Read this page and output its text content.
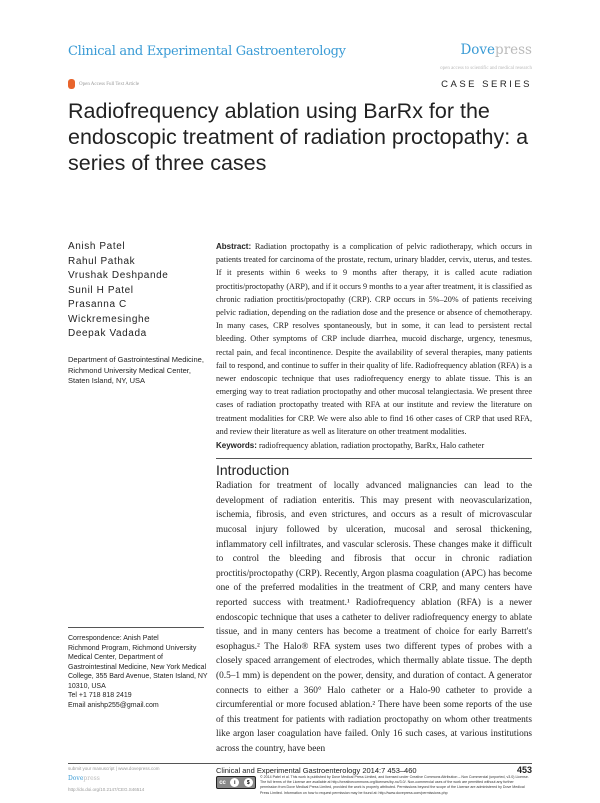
Clinical and Experimental Gastroenterology	Dovepress
open access to scientific and medical research
Open Access Full Text Article	CASE SERIES
Radiofrequency ablation using BarRx for the endoscopic treatment of radiation proctopathy: a series of three cases
Anish Patel
Rahul Pathak
Vrushak Deshpande
Sunil H Patel
Prasanna C
Wickremesinghe
Deepak Vadada
Department of Gastrointestinal Medicine, Richmond University Medical Center, Staten Island, NY, USA

Abstract: Radiation proctopathy is a complication of pelvic radiotherapy, which occurs in patients treated for carcinoma of the prostate, rectum, urinary bladder, cervix, uterus, and testes. If it presents within 6 weeks to 9 months after therapy, it is called acute radiation proctitis/proctopathy (ARP), and if it occurs 9 months to a year after treatment, it is classified as chronic radiation proctitis/proctopathy (CRP). CRP occurs in 5%–20% of patients receiving pelvic radiation, depending on the radiation dose and the presence or absence of chemotherapy. In many cases, CRP resolves spontaneously, but in some, it can lead to persistent rectal bleeding. Other symptoms of CRP include diarrhea, mucoid discharge, urgency, tenesmus, rectal pain, and fecal incontinence. Despite the availability of several therapies, many patients fail to respond, and continue to suffer in their quality of life. Radiofrequency ablation (RFA) is a newer endoscopic technique that uses radiofrequency energy to ablate tissue. This is an emerging way to treat radiation proctopathy and other mucosal telangiectasia. We present three cases of radiation proctopathy treated with RFA at our institute and review the literature on treatment modalities for CRP. We were also able to find 16 other cases of CRP that used RFA, and review their literature as well as literature on other treatment modalities.

Keywords: radiofrequency ablation, radiation proctopathy, BarRx, Halo catheter

Introduction

Radiation for treatment of locally advanced malignancies can lead to the development of radiation enteritis. This may present with neovascularization, ischemia, fibrosis, and even strictures, and occurs as a result of microvascular mucosal injury followed by ulceration, mucosal and serosal thickening, inflammatory cell infiltrates, and vascular sclerosis. These changes make it difficult to control the bleeding and fibrosis that occur in chronic radiation proctitis/proctopathy (CRP). Recently, Argon plasma coagulation (APC) has become one of the preferred modalities in the treatment of CRP, and many centers have reported success with treatment.¹ Radiofrequency ablation (RFA) is a newer endoscopic technique that uses a catheter to deliver radiofrequency energy to ablate tissue, and in many centers has become a treatment of choice for early Barrett's esophagus.² The Halo® RFA system uses two different types of probes with a closely spaced arrangement of electrodes, which thermally ablate tissue. The depth (0.5–1 mm) is dependent on the power, density, and duration of contact. A generator connects to either a 360° Halo catheter or a Halo-90 catheter to provide a circumferential or more focused ablation.² There have been some reports of the use of this treatment for patients with radiation proctopathy on whom other treatments like argon laser coagulation have failed. Only 16 such cases, at various institutions across the country, have been

Correspondence: Anish Patel
Richmond Program, Richmond University Medical Center, Department of Gastrointestinal Medicine, New York Medical College, 355 Bard Avenue, Staten Island, NY 10310, USA
Tel +1 718 818 2419
Email anishp255@gmail.com
submit your manuscript | www.dovepress.com
Dovepress
http://dx.doi.org/10.2147/CEG.S46514
Clinical and Experimental Gastroenterology 2014:7 453–460	453
cc	i	$
© 2014 Patel et al. This work is published by Dove Medical Press Limited, and licensed under Creative Commons Attribution – Non Commercial (unported, v3.0) License. The full terms of the License are available at http://creativecommons.org/licenses/by-nc/3.0/. Non-commercial uses of the work are permitted without any further permission from Dove Medical Press Limited, provided the work is properly attributed. Permissions beyond the scope of the License are administered by Dove Medical Press Limited. Information on how to request permission may be found at: http://www.dovepress.com/permissions.php
